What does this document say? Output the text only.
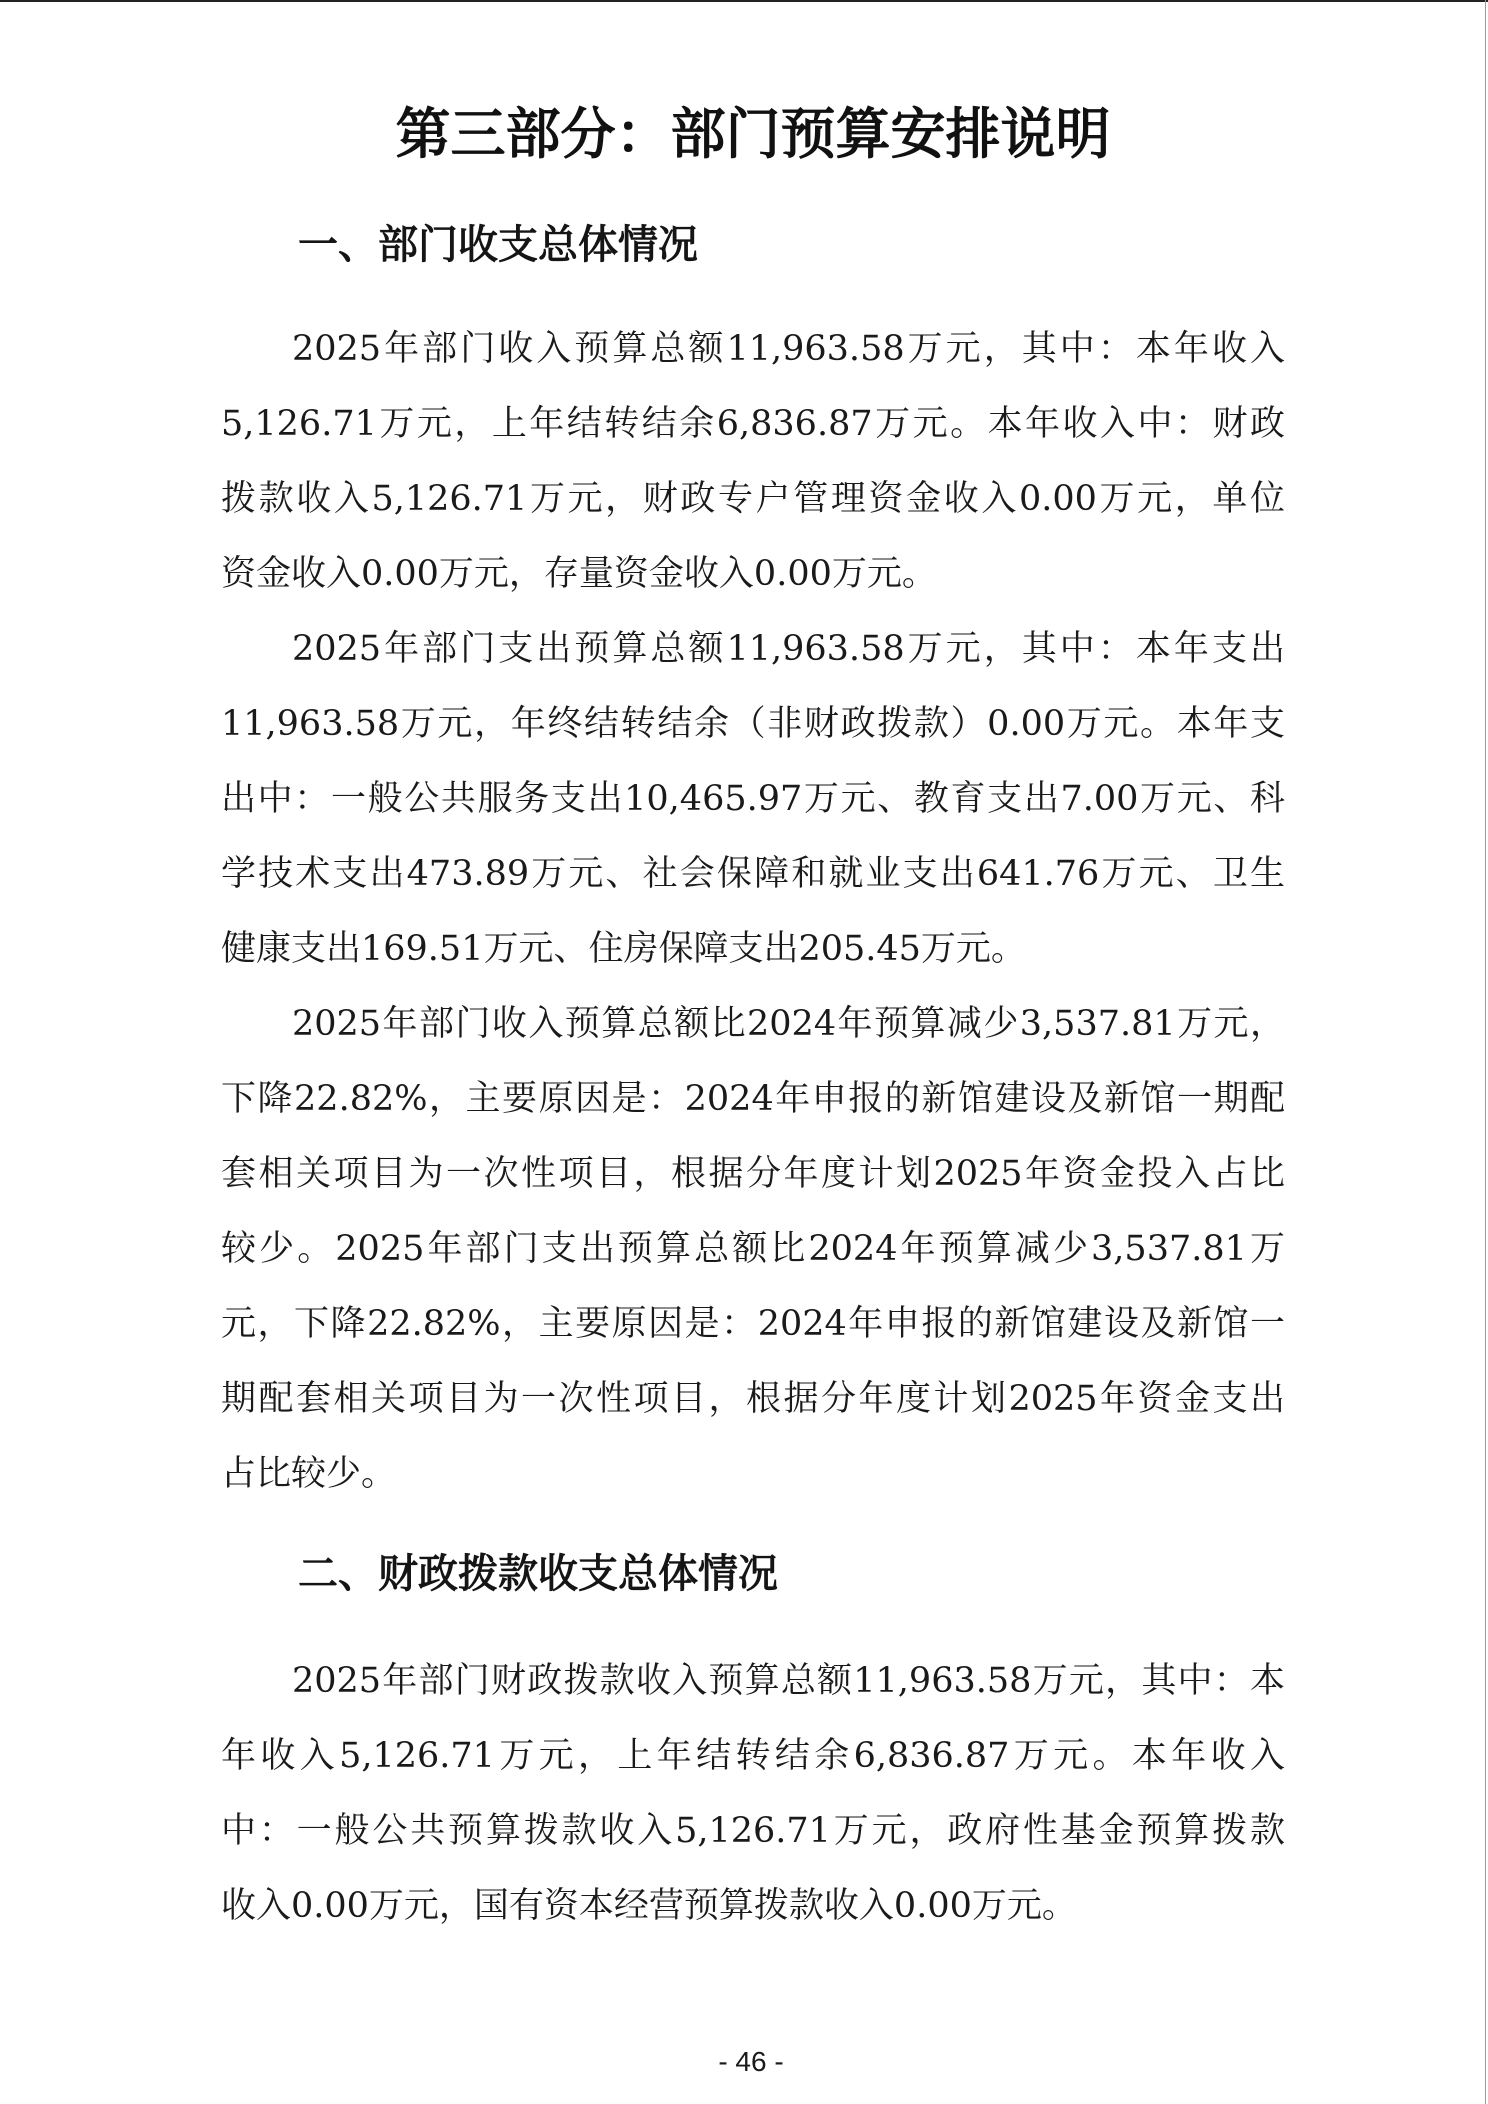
第三部分：部门预算安排说明
一、部门收支总体情况
2025年部门收入预算总额11,963.58万元，其中：本年收入
5,126.71万元，上年结转结余6,836.87万元。本年收入中：财政
拨款收入5,126.71万元，财政专户管理资金收入0.00万元，单位
资金收入0.00万元，存量资金收入0.00万元。
2025年部门支出预算总额11,963.58万元，其中：本年支出
11,963.58万元，年终结转结余（非财政拨款）0.00万元。本年支
出中：一般公共服务支出10,465.97万元、教育支出7.00万元、科
学技术支出473.89万元、社会保障和就业支出641.76万元、卫生
健康支出169.51万元、住房保障支出205.45万元。
2025年部门收入预算总额比2024年预算减少3,537.81万元，
下降22.82%，主要原因是：2024年申报的新馆建设及新馆一期配
套相关项目为一次性项目，根据分年度计划2025年资金投入占比
较少。2025年部门支出预算总额比2024年预算减少3,537.81万
元，下降22.82%，主要原因是：2024年申报的新馆建设及新馆一
期配套相关项目为一次性项目，根据分年度计划2025年资金支出
占比较少。
二、财政拨款收支总体情况
2025年部门财政拨款收入预算总额11,963.58万元，其中：本
年收入5,126.71万元，上年结转结余6,836.87万元。本年收入
中：一般公共预算拨款收入5,126.71万元，政府性基金预算拨款
收入0.00万元，国有资本经营预算拨款收入0.00万元。
- 46 -
